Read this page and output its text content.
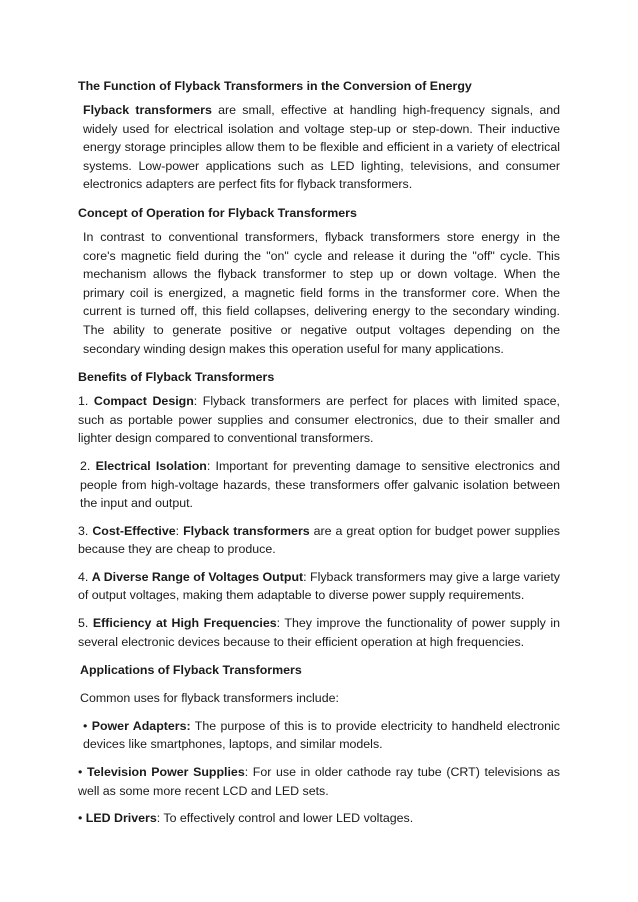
The Function of Flyback Transformers in the Conversion of Energy

Flyback transformers are small, effective at handling high-frequency signals, and widely used for electrical isolation and voltage step-up or step-down. Their inductive energy storage principles allow them to be flexible and efficient in a variety of electrical systems. Low-power applications such as LED lighting, televisions, and consumer electronics adapters are perfect fits for flyback transformers.

Concept of Operation for Flyback Transformers

In contrast to conventional transformers, flyback transformers store energy in the core's magnetic field during the "on" cycle and release it during the "off" cycle. This mechanism allows the flyback transformer to step up or down voltage. When the primary coil is energized, a magnetic field forms in the transformer core. When the current is turned off, this field collapses, delivering energy to the secondary winding. The ability to generate positive or negative output voltages depending on the secondary winding design makes this operation useful for many applications.

Benefits of Flyback Transformers

1. Compact Design: Flyback transformers are perfect for places with limited space, such as portable power supplies and consumer electronics, due to their smaller and lighter design compared to conventional transformers.

2. Electrical Isolation: Important for preventing damage to sensitive electronics and people from high-voltage hazards, these transformers offer galvanic isolation between the input and output.

3. Cost-Effective: Flyback transformers are a great option for budget power supplies because they are cheap to produce.

4. A Diverse Range of Voltages Output: Flyback transformers may give a large variety of output voltages, making them adaptable to diverse power supply requirements.

5. Efficiency at High Frequencies: They improve the functionality of power supply in several electronic devices because to their efficient operation at high frequencies.

Applications of Flyback Transformers

Common uses for flyback transformers include:

• Power Adapters: The purpose of this is to provide electricity to handheld electronic devices like smartphones, laptops, and similar models.

• Television Power Supplies: For use in older cathode ray tube (CRT) televisions as well as some more recent LCD and LED sets.

• LED Drivers: To effectively control and lower LED voltages.
